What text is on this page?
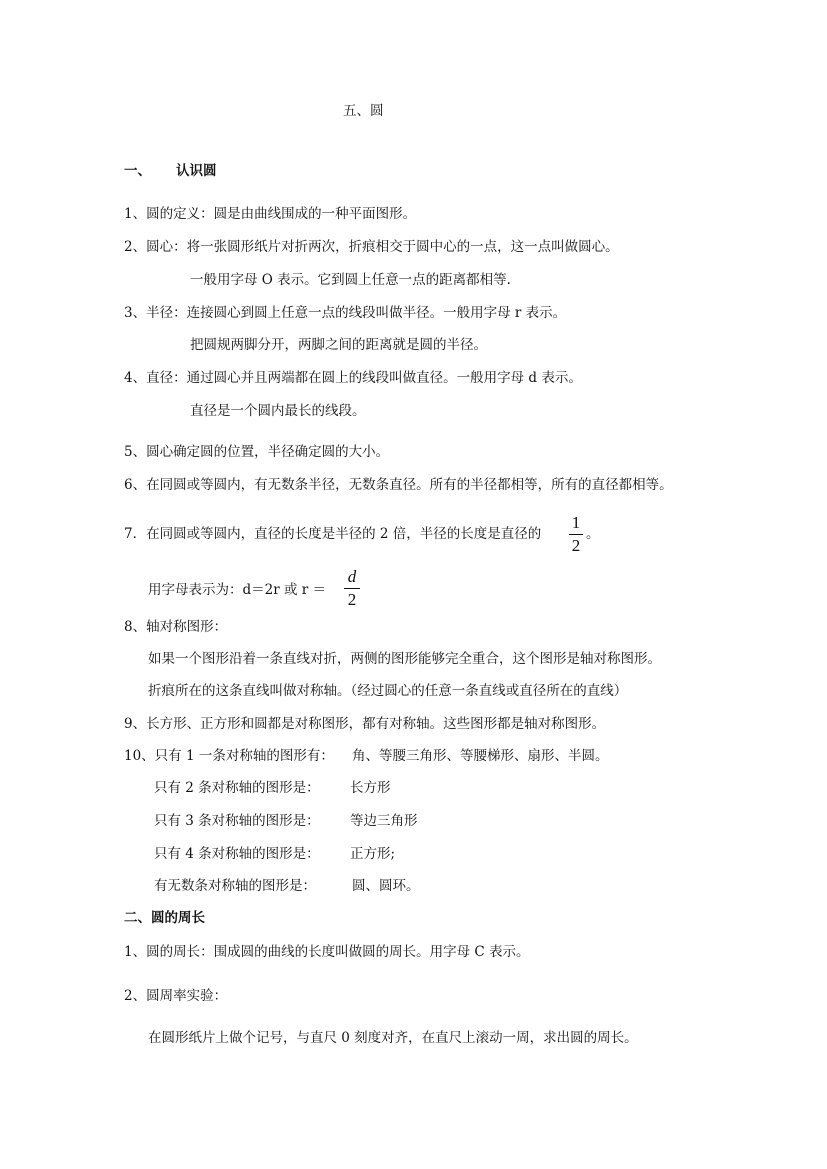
五、圆
一、 认识圆
1、圆的定义：圆是由曲线围成的一种平面图形。
2、圆心：将一张圆形纸片对折两次，折痕相交于圆中心的一点，这一点叫做圆心。
一般用字母 O 表示。它到圆上任意一点的距离都相等.
3、半径：连接圆心到圆上任意一点的线段叫做半径。一般用字母 r 表示。
把圆规两脚分开，两脚之间的距离就是圆的半径。
4、直径：通过圆心并且两端都在圆上的线段叫做直径。一般用字母 d 表示。
直径是一个圆内最长的线段。
5、圆心确定圆的位置，半径确定圆的大小。
6、在同圆或等圆内，有无数条半径，无数条直径。所有的半径都相等，所有的直径都相等。
7．在同圆或等圆内，直径的长度是半径的 2 倍，半径的长度是直径的
1
2
。
用字母表示为：d＝2r 或 r ＝
d
2
8、轴对称图形：
如果一个图形沿着一条直线对折，两侧的图形能够完全重合，这个图形是轴对称图形。
折痕所在的这条直线叫做对称轴。（经过圆心的任意一条直线或直径所在的直线）
9、长方形、正方形和圆都是对称图形，都有对称轴。这些图形都是轴对称图形。
10、只有 1 一条对称轴的图形有： 角、等腰三角形、等腰梯形、扇形、半圆。
只有 2 条对称轴的图形是： 长方形
只有 3 条对称轴的图形是： 等边三角形
只有 4 条对称轴的图形是： 正方形;
有无数条对称轴的图形是：	圆、圆环。
二、圆的周长
1、圆的周长：围成圆的曲线的长度叫做圆的周长。用字母 C 表示。
2、圆周率实验：
在圆形纸片上做个记号，与直尺 0 刻度对齐，在直尺上滚动一周，求出圆的周长。
